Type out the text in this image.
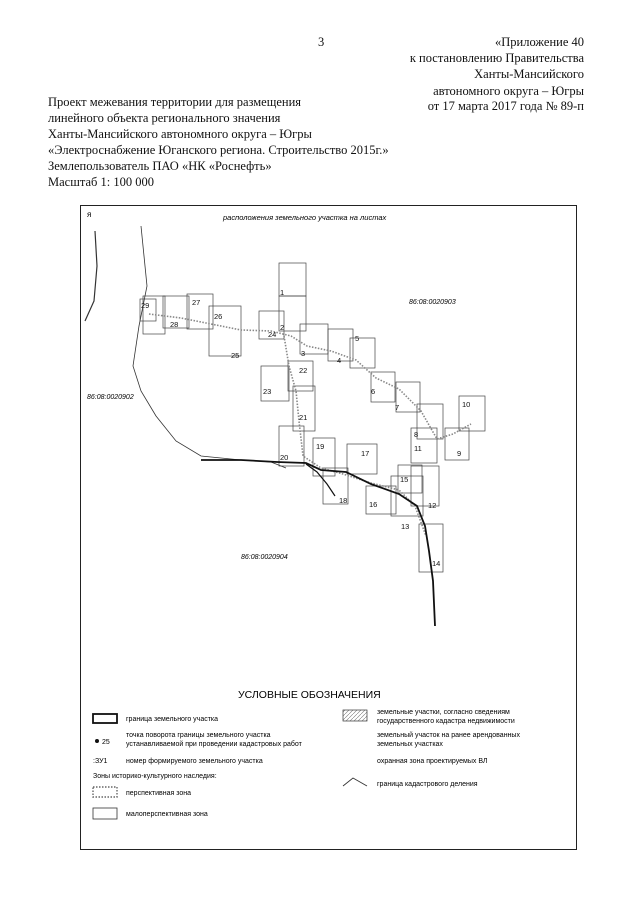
3	«Приложение 40
к постановлению Правительства
Ханты-Мансийского
автономного округа – Югры
от 17 марта 2017 года № 89-п
Проект межевания территории для размещения
линейного объекта регионального значения
Ханты-Мансийского автономного округа – Югры
«Электроснабжение Юганского региона. Строительство 2015г.»
Землепользователь ПАО «НК «Роснефть»
Масштаб 1: 100 000
я	расположения земельного участка на листах
86:08:0020903
86:08:0020902
86:08:0020904
1
2
3
4
5
6
7
8
9
10
11
12
13
14
15
16
17
18
19
20
21
22
23
24
25
26
27
28
29
УСЛОВНЫЕ ОБОЗНАЧЕНИЯ
граница земельного участка
25
точка поворота границы земельного участка
устанавливаемой при проведении кадастровых работ
:ЗУ1	номер формируемого земельного участка
Зоны историко-культурного наследия:
перспективная зона
малоперспективная зона
земельные участки, согласно сведениям
государственного кадастра недвижимости
земельный участок на ранее арендованных
земельных участках
охранная зона проектируемых ВЛ
граница кадастрового деления
